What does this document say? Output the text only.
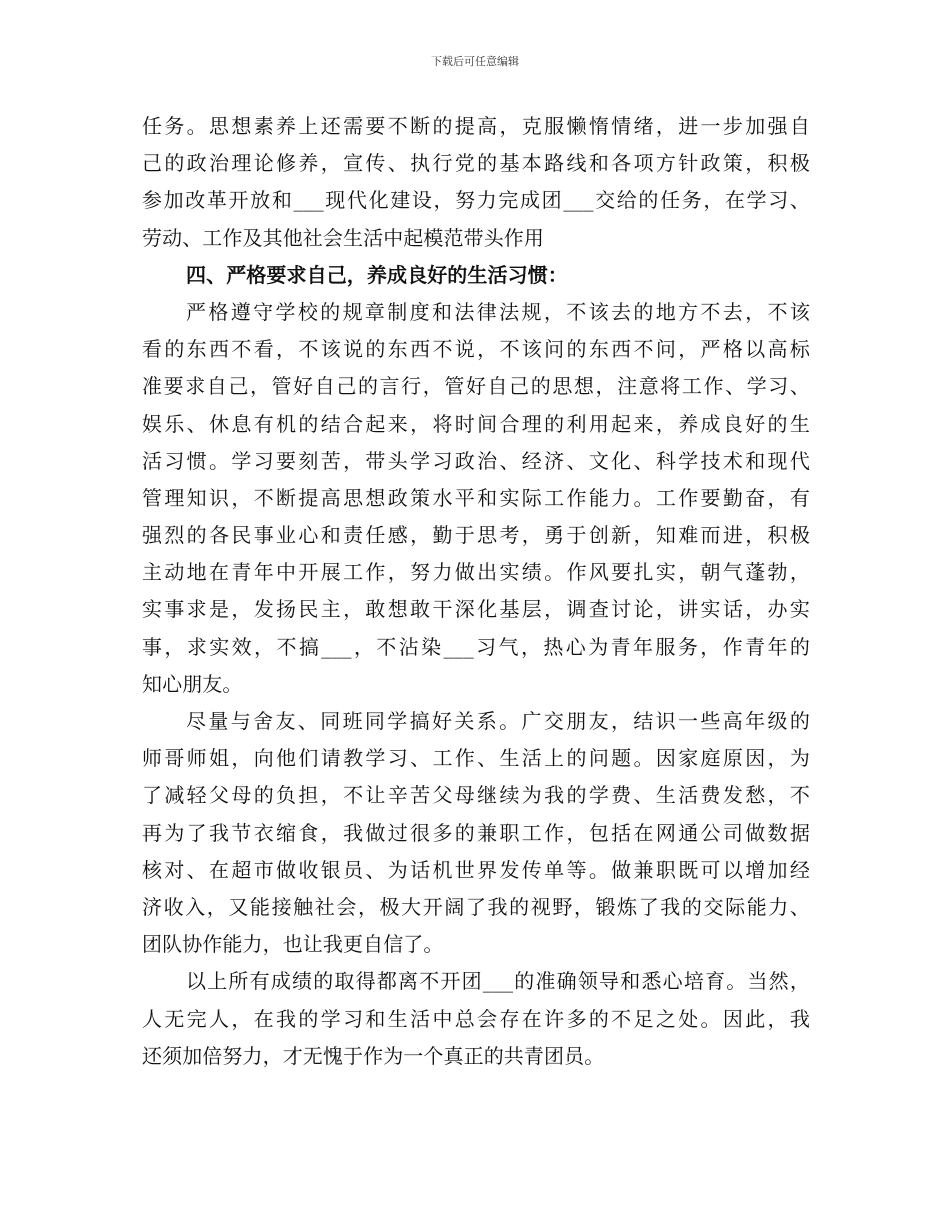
下载后可任意编辑
任务。思想素养上还需要不断的提高，克服懒惰情绪，进一步加强自
己的政治理论修养，宣传、执行党的基本路线和各项方针政策，积极
参加改革开放和___现代化建设，努力完成团___交给的任务，在学习、
劳动、工作及其他社会生活中起模范带头作用
四、严格要求自己，养成良好的生活习惯：
严格遵守学校的规章制度和法律法规，不该去的地方不去，不该
看的东西不看，不该说的东西不说，不该问的东西不问，严格以高标
准要求自己，管好自己的言行，管好自己的思想，注意将工作、学习、
娱乐、休息有机的结合起来，将时间合理的利用起来，养成良好的生
活习惯。学习要刻苦，带头学习政治、经济、文化、科学技术和现代
管理知识，不断提高思想政策水平和实际工作能力。工作要勤奋，有
强烈的各民事业心和责任感，勤于思考，勇于创新，知难而进，积极
主动地在青年中开展工作，努力做出实绩。作风要扎实，朝气蓬勃，
实事求是，发扬民主，敢想敢干深化基层，调查讨论，讲实话，办实
事，求实效，不搞___，不沾染___习气，热心为青年服务，作青年的
知心朋友。
尽量与舍友、同班同学搞好关系。广交朋友，结识一些高年级的
师哥师姐，向他们请教学习、工作、生活上的问题。因家庭原因，为
了减轻父母的负担，不让辛苦父母继续为我的学费、生活费发愁，不
再为了我节衣缩食，我做过很多的兼职工作，包括在网通公司做数据
核对、在超市做收银员、为话机世界发传单等。做兼职既可以增加经
济收入，又能接触社会，极大开阔了我的视野，锻炼了我的交际能力、
团队协作能力，也让我更自信了。
以上所有成绩的取得都离不开团___的准确领导和悉心培育。当然，
人无完人，在我的学习和生活中总会存在许多的不足之处。因此，我
还须加倍努力，才无愧于作为一个真正的共青团员。
